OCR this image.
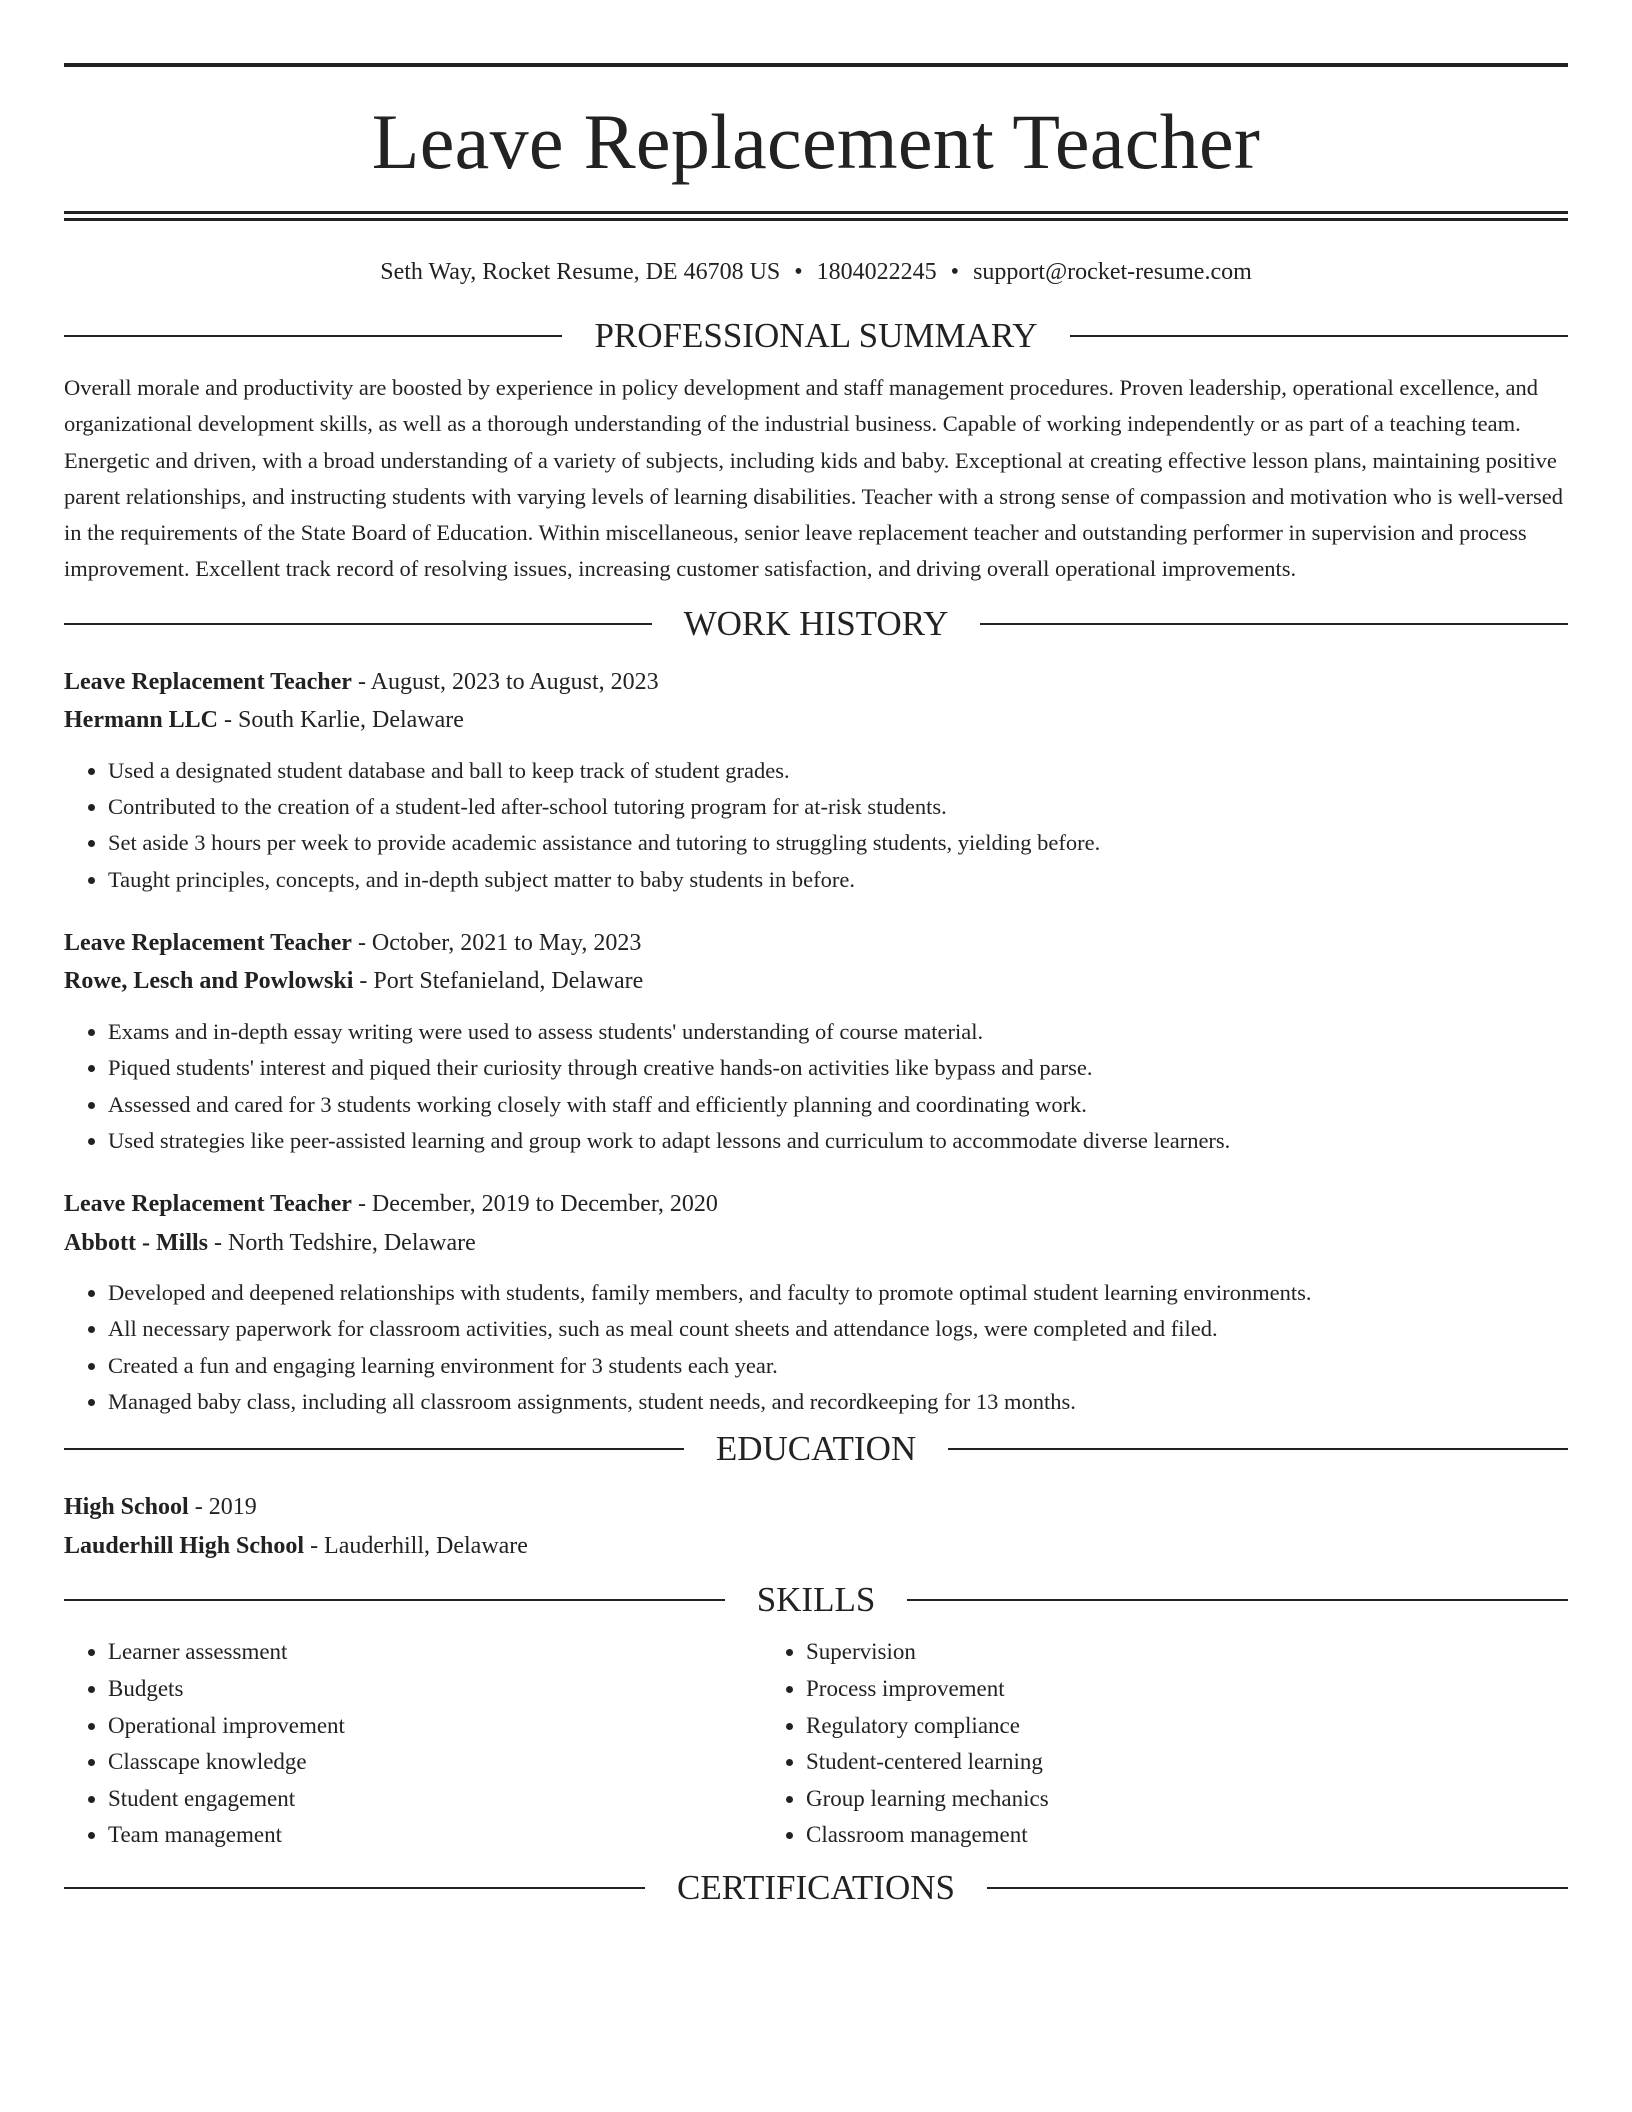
Leave Replacement Teacher
Seth Way, Rocket Resume, DE 46708 US • 1804022245 • support@rocket-resume.com
PROFESSIONAL SUMMARY

Overall morale and productivity are boosted by experience in policy development and staff management procedures. Proven leadership, operational excellence, and organizational development skills, as well as a thorough understanding of the industrial business. Capable of working independently or as part of a teaching team. Energetic and driven, with a broad understanding of a variety of subjects, including kids and baby. Exceptional at creating effective lesson plans, maintaining positive parent relationships, and instructing students with varying levels of learning disabilities. Teacher with a strong sense of compassion and motivation who is well-versed in the requirements of the State Board of Education. Within miscellaneous, senior leave replacement teacher and outstanding performer in supervision and process improvement. Excellent track record of resolving issues, increasing customer satisfaction, and driving overall operational improvements.

WORK HISTORY
Leave Replacement Teacher - August, 2023 to August, 2023
Hermann LLC - South Karlie, Delaware
• Used a designated student database and ball to keep track of student grades.
• Contributed to the creation of a student-led after-school tutoring program for at-risk students.
• Set aside 3 hours per week to provide academic assistance and tutoring to struggling students, yielding before.
• Taught principles, concepts, and in-depth subject matter to baby students in before.
Leave Replacement Teacher - October, 2021 to May, 2023
Rowe, Lesch and Powlowski - Port Stefanieland, Delaware
• Exams and in-depth essay writing were used to assess students' understanding of course material.
• Piqued students' interest and piqued their curiosity through creative hands-on activities like bypass and parse.
• Assessed and cared for 3 students working closely with staff and efficiently planning and coordinating work.
• Used strategies like peer-assisted learning and group work to adapt lessons and curriculum to accommodate diverse learners.
Leave Replacement Teacher - December, 2019 to December, 2020
Abbott - Mills - North Tedshire, Delaware
• Developed and deepened relationships with students, family members, and faculty to promote optimal student learning environments.
• All necessary paperwork for classroom activities, such as meal count sheets and attendance logs, were completed and filed.
• Created a fun and engaging learning environment for 3 students each year.
• Managed baby class, including all classroom assignments, student needs, and recordkeeping for 13 months.
EDUCATION
High School - 2019
Lauderhill High School - Lauderhill, Delaware
SKILLS
• Learner assessment
• Budgets
• Operational improvement
• Classcape knowledge
• Student engagement
• Team management
• Supervision
• Process improvement
• Regulatory compliance
• Student-centered learning
• Group learning mechanics
• Classroom management
CERTIFICATIONS
